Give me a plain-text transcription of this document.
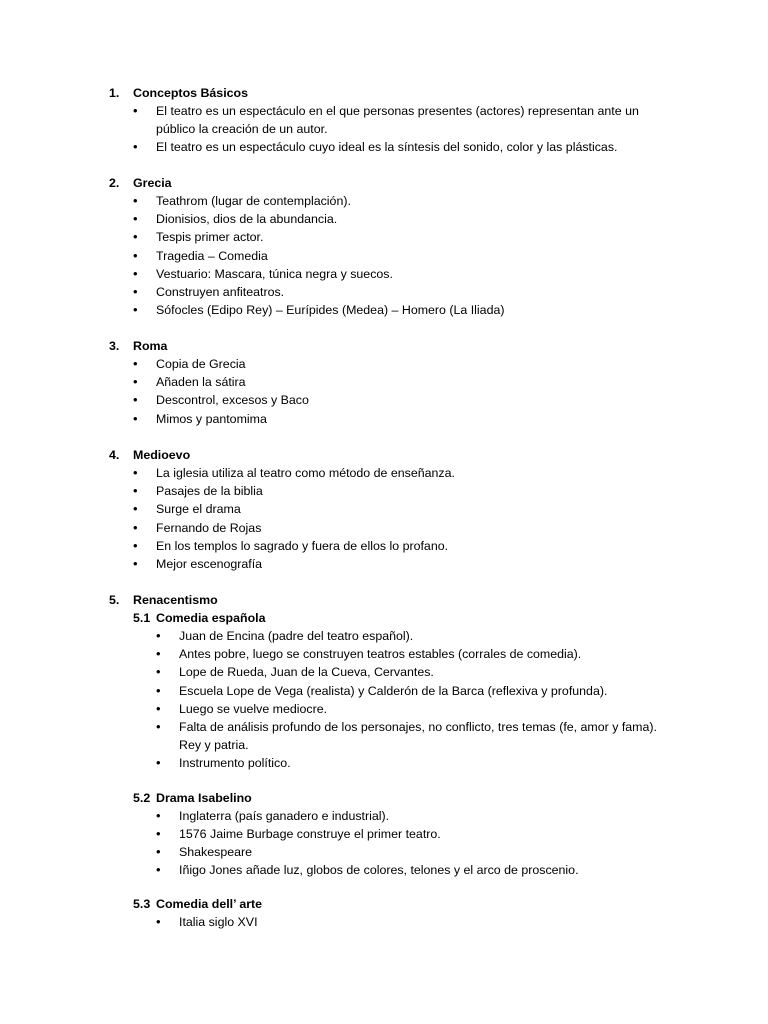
1. Conceptos Básicos
• El teatro es un espectáculo en el que personas presentes (actores) representan ante un público la creación de un autor.
• El teatro es un espectáculo cuyo ideal es la síntesis del sonido, color y las plásticas.
2. Grecia
• Teathrom (lugar de contemplación).
• Dionisios, dios de la abundancia.
• Tespis primer actor.
• Tragedia – Comedia
• Vestuario: Mascara, túnica negra y suecos.
• Construyen anfiteatros.
• Sófocles (Edipo Rey) – Eurípides (Medea) – Homero (La Iliada)
3. Roma
• Copia de Grecia
• Añaden la sátira
• Descontrol, excesos y Baco
• Mimos y pantomima
4. Medioevo
• La iglesia utiliza al teatro como método de enseñanza.
• Pasajes de la biblia
• Surge el drama
• Fernando de Rojas
• En los templos lo sagrado y fuera de ellos lo profano.
• Mejor escenografía
5. Renacentismo
5.1 Comedia española
• Juan de Encina (padre del teatro español).
• Antes pobre, luego se construyen teatros estables (corrales de comedia).
• Lope de Rueda, Juan de la Cueva, Cervantes.
• Escuela Lope de Vega (realista) y Calderón de la Barca (reflexiva y profunda).
• Luego se vuelve mediocre.
• Falta de análisis profundo de los personajes, no conflicto, tres temas (fe, amor y fama). Rey y patria.
• Instrumento político.
5.2 Drama Isabelino
• Inglaterra (país ganadero e industrial).
• 1576 Jaime Burbage construye el primer teatro.
• Shakespeare
• Iñigo Jones añade luz, globos de colores, telones y el arco de proscenio.
5.3 Comedia dell’ arte
• Italia siglo XVI
